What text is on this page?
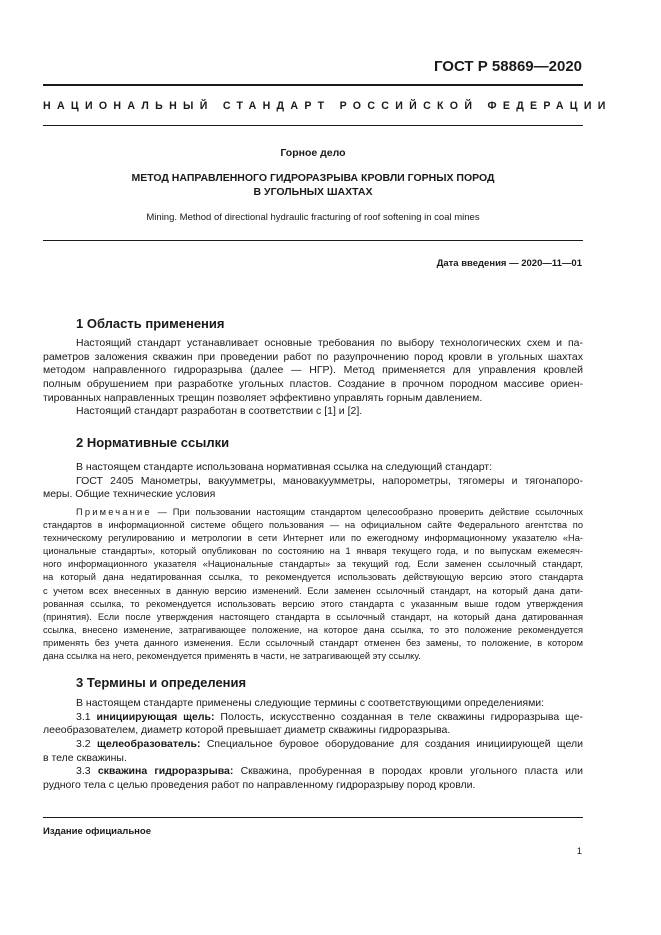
ГОСТ Р 58869—2020
НАЦИОНАЛЬНЫЙ СТАНДАРТ РОССИЙСКОЙ ФЕДЕРАЦИИ
Горное дело
МЕТОД НАПРАВЛЕННОГО ГИДРОРАЗРЫВА КРОВЛИ ГОРНЫХ ПОРОД
В УГОЛЬНЫХ ШАХТАХ
Mining. Method of directional hydraulic fracturing of roof softening in coal mines
Дата введения — 2020—11—01
1 Область применения
Настоящий стандарт устанавливает основные требования по выбору технологических схем и па-
раметров заложения скважин при проведении работ по разупрочнению пород кровли в угольных шахтах
методом направленного гидроразрыва (далее — НГР). Метод применяется для управления кровлей
полным обрушением при разработке угольных пластов. Создание в прочном породном массиве ориен-
тированных направленных трещин позволяет эффективно управлять горным давлением.
Настоящий стандарт разработан в соответствии с [1] и [2].
2 Нормативные ссылки
В настоящем стандарте использована нормативная ссылка на следующий стандарт:
ГОСТ 2405 Манометры, вакуумметры, мановакуумметры, напорометры, тягомеры и тягонапоро-
меры. Общие технические условия
Примечание — При пользовании настоящим стандартом целесообразно проверить действие ссылочных
стандартов в информационной системе общего пользования — на официальном сайте Федерального агентства по
техническому регулированию и метрологии в сети Интернет или по ежегодному информационному указателю «На-
циональные стандарты», который опубликован по состоянию на 1 января текущего года, и по выпускам ежемесяч-
ного информационного указателя «Национальные стандарты» за текущий год. Если заменен ссылочный стандарт,
на который дана недатированная ссылка, то рекомендуется использовать действующую версию этого стандарта
с учетом всех внесенных в данную версию изменений. Если заменен ссылочный стандарт, на который дана дати-
рованная ссылка, то рекомендуется использовать версию этого стандарта с указанным выше годом утверждения
(принятия). Если после утверждения настоящего стандарта в ссылочный стандарт, на который дана датированная
ссылка, внесено изменение, затрагивающее положение, на которое дана ссылка, то это положение рекомендуется
применять без учета данного изменения. Если ссылочный стандарт отменен без замены, то положение, в котором
дана ссылка на него, рекомендуется применять в части, не затрагивающей эту ссылку.
3 Термины и определения
В настоящем стандарте применены следующие термины с соответствующими определениями:
3.1 инициирующая щель: Полость, искусственно созданная в теле скважины гидроразрыва ще-
лееобразователем, диаметр которой превышает диаметр скважины гидроразрыва.
3.2 щелеобразователь: Специальное буровое оборудование для создания инициирующей щели
в теле скважины.
3.3 скважина гидроразрыва: Скважина, пробуренная в породах кровли угольного пласта или
рудного тела с целью проведения работ по направленному гидроразрыву пород кровли.
Издание официальное
1
